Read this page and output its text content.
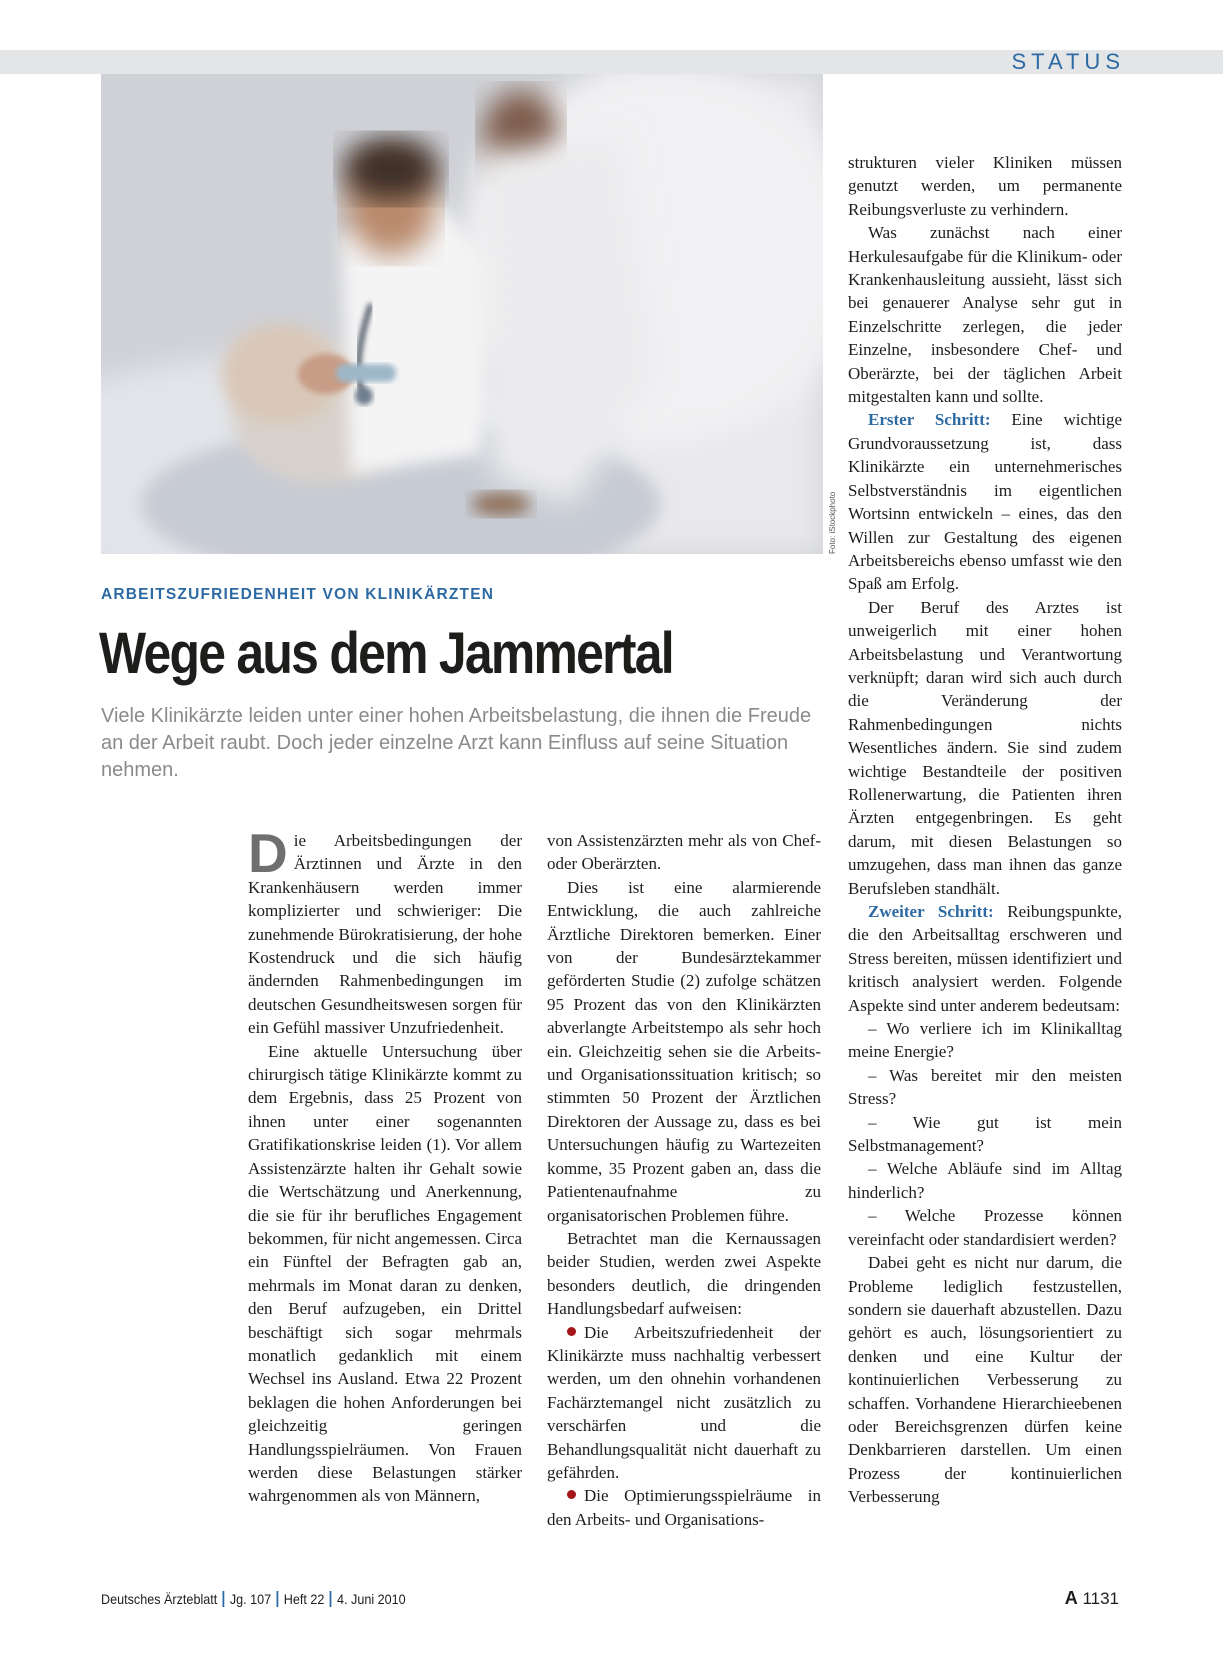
STATUS
Foto: iStockphoto
ARBEITSZUFRIEDENHEIT VON KLINIKÄRZTEN
Wege aus dem Jammertal

Viele Klinikärzte leiden unter einer hohen Arbeitsbelastung, die ihnen die Freude an der Arbeit raubt. Doch jeder einzelne Arzt kann Einfluss auf seine Situation nehmen.

Die Arbeitsbedingungen der Ärztinnen und Ärzte in den Krankenhäusern werden immer komplizierter und schwieriger: Die zunehmende Bürokratisierung, der hohe Kostendruck und die sich häufig ändernden Rahmenbedingungen im deutschen Gesundheitswesen sorgen für ein Gefühl massiver Unzufriedenheit.

Eine aktuelle Untersuchung über chirurgisch tätige Klinikärzte kommt zu dem Ergebnis, dass 25 Prozent von ihnen unter einer sogenannten Gratifikationskrise leiden (1). Vor allem Assistenzärzte halten ihr Gehalt sowie die Wertschätzung und Anerkennung, die sie für ihr berufliches Engagement bekommen, für nicht angemessen. Circa ein Fünftel der Befragten gab an, mehrmals im Monat daran zu denken, den Beruf aufzugeben, ein Drittel beschäftigt sich sogar mehrmals monatlich gedanklich mit einem Wechsel ins Ausland. Etwa 22 Prozent beklagen die hohen Anforderungen bei gleichzeitig geringen Handlungsspielräumen. Von Frauen werden diese Belastungen stärker wahrgenommen als von Männern,

von Assistenzärzten mehr als von Chef- oder Oberärzten.

Dies ist eine alarmierende Entwicklung, die auch zahlreiche Ärztliche Direktoren bemerken. Einer von der Bundesärztekammer geförderten Studie (2) zufolge schätzen 95 Prozent das von den Klinikärzten abverlangte Arbeitstempo als sehr hoch ein. Gleichzeitig sehen sie die Arbeits- und Organisationssituation kritisch; so stimmten 50 Prozent der Ärztlichen Direktoren der Aussage zu, dass es bei Untersuchungen häufig zu Wartezeiten komme, 35 Prozent gaben an, dass die Patientenaufnahme zu organisatorischen Problemen führe.

Betrachtet man die Kernaussagen beider Studien, werden zwei Aspekte besonders deutlich, die dringenden Handlungsbedarf aufweisen:

Die Arbeitszufriedenheit der Klinikärzte muss nachhaltig verbessert werden, um den ohnehin vorhandenen Fachärztemangel nicht zusätzlich zu verschärfen und die Behandlungsqualität nicht dauerhaft zu gefährden.

Die Optimierungsspielräume in den Arbeits- und Organisations-

strukturen vieler Kliniken müssen genutzt werden, um permanente Reibungsverluste zu verhindern.

Was zunächst nach einer Herkulesaufgabe für die Klinikum- oder Krankenhausleitung aussieht, lässt sich bei genauerer Analyse sehr gut in Einzelschritte zerlegen, die jeder Einzelne, insbesondere Chef- und Oberärzte, bei der täglichen Arbeit mitgestalten kann und sollte.

Erster Schritt: Eine wichtige Grundvoraussetzung ist, dass Klinikärzte ein unternehmerisches Selbstverständnis im eigentlichen Wortsinn entwickeln – eines, das den Willen zur Gestaltung des eigenen Arbeitsbereichs ebenso umfasst wie den Spaß am Erfolg.

Der Beruf des Arztes ist unweigerlich mit einer hohen Arbeitsbelastung und Verantwortung verknüpft; daran wird sich auch durch die Veränderung der Rahmenbedingungen nichts Wesentliches ändern. Sie sind zudem wichtige Bestandteile der positiven Rollenerwartung, die Patienten ihren Ärzten entgegenbringen. Es geht darum, mit diesen Belastungen so umzugehen, dass man ihnen das ganze Berufsleben standhält.

Zweiter Schritt: Reibungspunkte, die den Arbeitsalltag erschweren und Stress bereiten, müssen identifiziert und kritisch analysiert werden. Folgende Aspekte sind unter anderem bedeutsam:

– Wo verliere ich im Klinikalltag meine Energie?

– Was bereitet mir den meisten Stress?

– Wie gut ist mein Selbstmanagement?

– Welche Abläufe sind im Alltag hinderlich?

– Welche Prozesse können vereinfacht oder standardisiert werden?

Dabei geht es nicht nur darum, die Probleme lediglich festzustellen, sondern sie dauerhaft abzustellen. Dazu gehört es auch, lösungsorientiert zu denken und eine Kultur der kontinuierlichen Verbesserung zu schaffen. Vorhandene Hierarchieebenen oder Bereichsgrenzen dürfen keine Denkbarrieren darstellen. Um einen Prozess der kontinuierlichen Verbesserung

Deutsches Ärzteblatt Jg. 107 Heft 22 4. Juni 2010	A 1131
